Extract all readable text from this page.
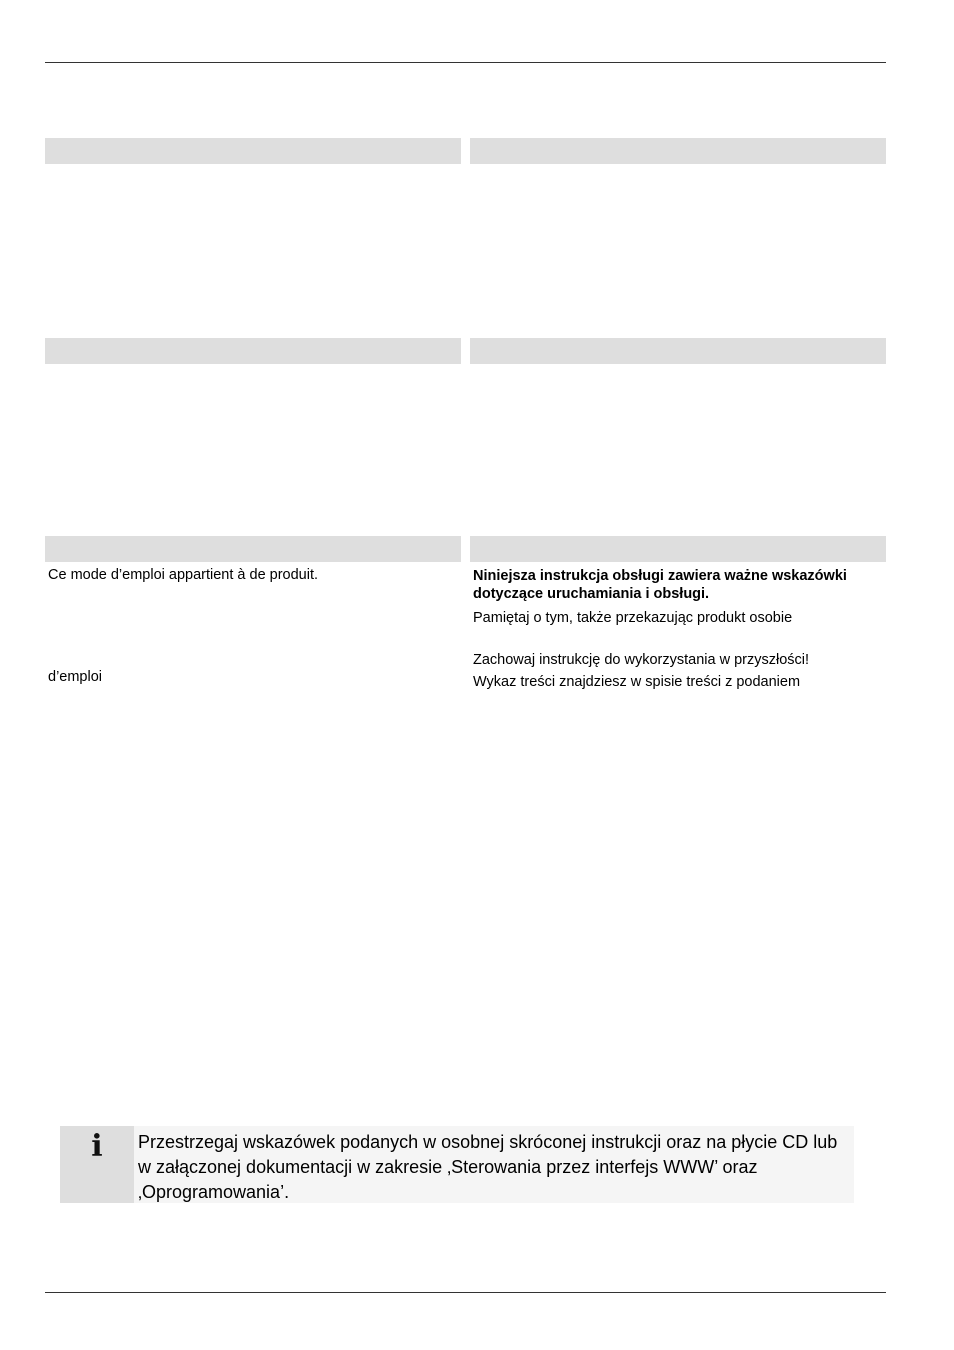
Ce mode d’emploi appartient à de produit.
d’emploi
Niniejsza instrukcja obsługi zawiera ważne wskazówki dotyczące uruchamiania i obsługi.
Pamiętaj o tym, także przekazując produkt osobie
Zachowaj instrukcję do wykorzystania w przyszłości!
Wykaz treści znajdziesz w spisie treści z podaniem
i Przestrzegaj wskazówek podanych w osobnej skróconej instrukcji oraz na płycie CD lub w załączonej dokumentacji w zakresie ‚Sterowania przez interfejs WWW’ oraz ‚Oprogramowania’.
